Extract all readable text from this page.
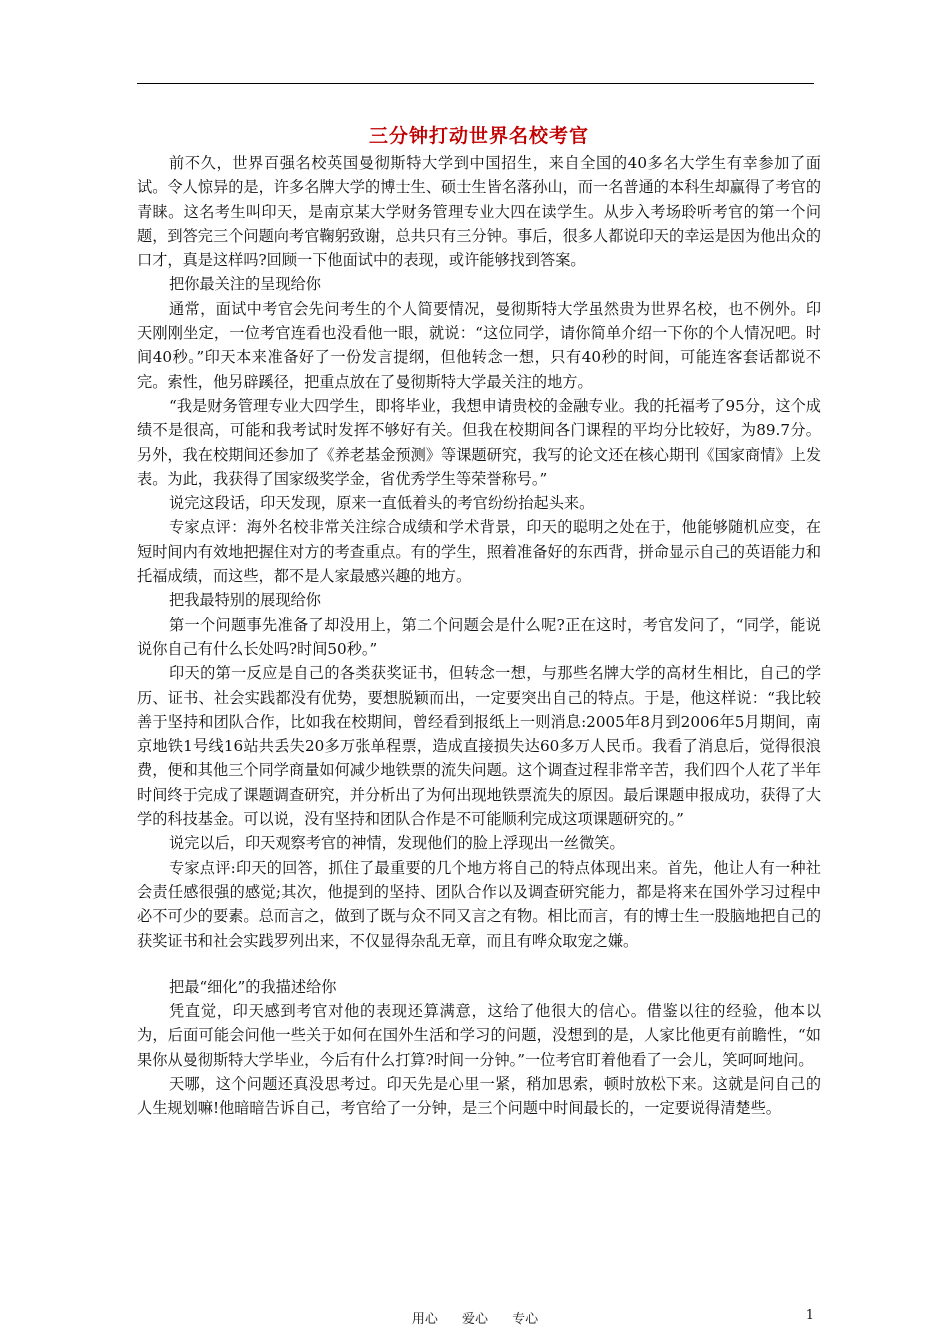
三分钟打动世界名校考官

前不久，世界百强名校英国曼彻斯特大学到中国招生，来自全国的40多名大学生有幸参加了面试。令人惊异的是，许多名牌大学的博士生、硕士生皆名落孙山，而一名普通的本科生却赢得了考官的青睐。这名考生叫印天，是南京某大学财务管理专业大四在读学生。从步入考场聆听考官的第一个问题，到答完三个问题向考官鞠躬致谢，总共只有三分钟。事后，很多人都说印天的幸运是因为他出众的口才，真是这样吗?回顾一下他面试中的表现，或许能够找到答案。

把你最关注的呈现给你

通常，面试中考官会先问考生的个人简要情况，曼彻斯特大学虽然贵为世界名校，也不例外。印天刚刚坐定，一位考官连看也没看他一眼，就说：“这位同学，请你简单介绍一下你的个人情况吧。时间40秒。”印天本来准备好了一份发言提纲，但他转念一想，只有40秒的时间，可能连客套话都说不完。索性，他另辟蹊径，把重点放在了曼彻斯特大学最关注的地方。

“我是财务管理专业大四学生，即将毕业，我想申请贵校的金融专业。我的托福考了95分，这个成绩不是很高，可能和我考试时发挥不够好有关。但我在校期间各门课程的平均分比较好，为89.7分。另外，我在校期间还参加了《养老基金预测》等课题研究，我写的论文还在核心期刊《国家商情》上发表。为此，我获得了国家级奖学金，省优秀学生等荣誉称号。”

说完这段话，印天发现，原来一直低着头的考官纷纷抬起头来。

专家点评：海外名校非常关注综合成绩和学术背景，印天的聪明之处在于，他能够随机应变，在短时间内有效地把握住对方的考查重点。有的学生，照着准备好的东西背，拼命显示自己的英语能力和托福成绩，而这些，都不是人家最感兴趣的地方。

把我最特别的展现给你

第一个问题事先准备了却没用上，第二个问题会是什么呢?正在这时，考官发问了，“同学，能说说你自己有什么长处吗?时间50秒。”

印天的第一反应是自己的各类获奖证书，但转念一想，与那些名牌大学的高材生相比，自己的学历、证书、社会实践都没有优势，要想脱颖而出，一定要突出自己的特点。于是，他这样说：“我比较善于坚持和团队合作，比如我在校期间，曾经看到报纸上一则消息:2005年8月到2006年5月期间，南京地铁1号线16站共丢失20多万张单程票，造成直接损失达60多万人民币。我看了消息后，觉得很浪费，便和其他三个同学商量如何减少地铁票的流失问题。这个调查过程非常辛苦，我们四个人花了半年时间终于完成了课题调查研究，并分析出了为何出现地铁票流失的原因。最后课题申报成功，获得了大学的科技基金。可以说，没有坚持和团队合作是不可能顺利完成这项课题研究的。”

说完以后，印天观察考官的神情，发现他们的脸上浮现出一丝微笑。

专家点评:印天的回答，抓住了最重要的几个地方将自己的特点体现出来。首先，他让人有一种社会责任感很强的感觉;其次，他提到的坚持、团队合作以及调查研究能力，都是将来在国外学习过程中必不可少的要素。总而言之，做到了既与众不同又言之有物。相比而言，有的博士生一股脑地把自己的获奖证书和社会实践罗列出来，不仅显得杂乱无章，而且有哗众取宠之嫌。

把最“细化”的我描述给你

凭直觉，印天感到考官对他的表现还算满意，这给了他很大的信心。借鉴以往的经验，他本以为，后面可能会问他一些关于如何在国外生活和学习的问题，没想到的是，人家比他更有前瞻性，“如果你从曼彻斯特大学毕业，今后有什么打算?时间一分钟。”一位考官盯着他看了一会儿，笑呵呵地问。

天哪，这个问题还真没思考过。印天先是心里一紧，稍加思索，顿时放松下来。这就是问自己的人生规划嘛!他暗暗告诉自己，考官给了一分钟，是三个问题中时间最长的，一定要说得清楚些。

用心 爱心 专心	1
